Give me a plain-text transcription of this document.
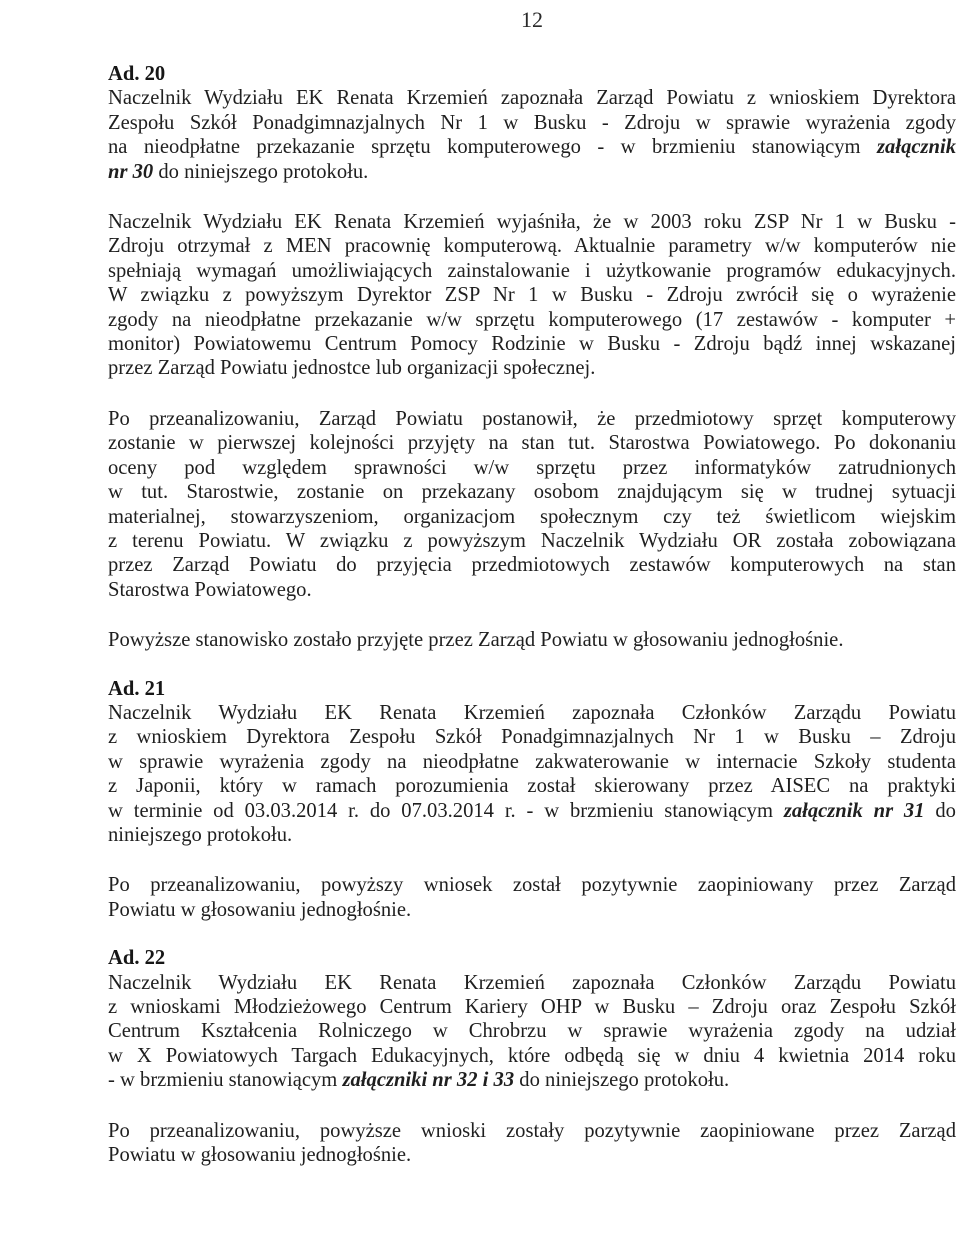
12
Ad. 20
Naczelnik Wydziału EK Renata Krzemień zapoznała Zarząd Powiatu z wnioskiem Dyrektora
Zespołu Szkół Ponadgimnazjalnych Nr 1 w Busku - Zdroju w sprawie wyrażenia zgody
na nieodpłatne przekazanie sprzętu komputerowego - w brzmieniu stanowiącym załącznik
nr 30 do niniejszego protokołu.
Naczelnik Wydziału EK Renata Krzemień wyjaśniła, że w 2003 roku ZSP Nr 1 w Busku -
Zdroju otrzymał z MEN pracownię komputerową. Aktualnie parametry w/w komputerów nie
spełniają wymagań umożliwiających zainstalowanie i użytkowanie programów edukacyjnych.
W związku z powyższym Dyrektor ZSP Nr 1 w Busku - Zdroju zwrócił się o wyrażenie
zgody na nieodpłatne przekazanie w/w sprzętu komputerowego (17 zestawów - komputer +
monitor) Powiatowemu Centrum Pomocy Rodzinie w Busku - Zdroju bądź innej wskazanej
przez Zarząd Powiatu jednostce lub organizacji społecznej.
Po przeanalizowaniu, Zarząd Powiatu postanowił, że przedmiotowy sprzęt komputerowy
zostanie w pierwszej kolejności przyjęty na stan tut. Starostwa Powiatowego. Po dokonaniu
oceny pod względem sprawności w/w sprzętu przez informatyków zatrudnionych
w tut. Starostwie, zostanie on przekazany osobom znajdującym się w trudnej sytuacji
materialnej, stowarzyszeniom, organizacjom społecznym czy też świetlicom wiejskim
z terenu Powiatu. W związku z powyższym Naczelnik Wydziału OR została zobowiązana
przez Zarząd Powiatu do przyjęcia przedmiotowych zestawów komputerowych na stan
Starostwa Powiatowego.
Powyższe stanowisko zostało przyjęte przez Zarząd Powiatu w głosowaniu jednogłośnie.
Ad. 21
Naczelnik Wydziału EK Renata Krzemień zapoznała Członków Zarządu Powiatu
z wnioskiem Dyrektora Zespołu Szkół Ponadgimnazjalnych Nr 1 w Busku – Zdroju
w sprawie wyrażenia zgody na nieodpłatne zakwaterowanie w internacie Szkoły studenta
z Japonii, który w ramach porozumienia został skierowany przez AISEC na praktyki
w terminie od 03.03.2014 r. do 07.03.2014 r. - w brzmieniu stanowiącym załącznik nr 31 do
niniejszego protokołu.
Po przeanalizowaniu, powyższy wniosek został pozytywnie zaopiniowany przez Zarząd
Powiatu w głosowaniu jednogłośnie.
Ad. 22
Naczelnik Wydziału EK Renata Krzemień zapoznała Członków Zarządu Powiatu
z wnioskami Młodzieżowego Centrum Kariery OHP w Busku – Zdroju oraz Zespołu Szkół
Centrum Kształcenia Rolniczego w Chrobrzu w sprawie wyrażenia zgody na udział
w X Powiatowych Targach Edukacyjnych, które odbędą się w dniu 4 kwietnia 2014 roku
- w brzmieniu stanowiącym załączniki nr 32 i 33 do niniejszego protokołu.
Po przeanalizowaniu, powyższe wnioski zostały pozytywnie zaopiniowane przez Zarząd
Powiatu w głosowaniu jednogłośnie.
